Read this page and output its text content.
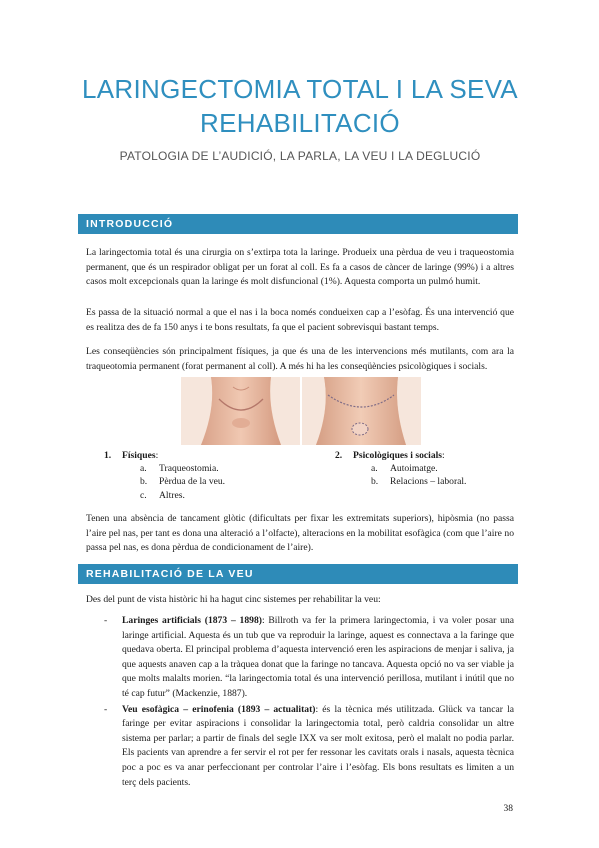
LARINGECTOMIA TOTAL I LA SEVA REHABILITACIÓ
PATOLOGIA DE L’AUDICIÓ, LA PARLA, LA VEU I LA DEGLUCIÓ
INTRODUCCIÓ

La laringectomia total és una cirurgia on s’extirpa tota la laringe. Produeix una pèrdua de veu i traqueostomia permanent, que és un respirador obligat per un forat al coll. Es fa a casos de càncer de laringe (99%) i a altres casos molt excepcionals quan la laringe és molt disfuncional (1%). Aquesta comporta un pulmó humit.

Es passa de la situació normal a que el nas i la boca només condueixen cap a l’esòfag. És una intervenció que es realitza des de fa 150 anys i te bons resultats, fa que el pacient sobrevisqui bastant temps.

Les conseqüències són principalment físiques, ja que és una de les intervencions més mutilants, com ara la traqueotomia permanent (forat permanent al coll). A més hi ha les conseqüències psicològiques i socials.

1. Físiques:
a. Traqueostomia.
b. Pèrdua de la veu.
c. Altres.
2. Psicològiques i socials:
a. Autoimatge.
b. Relacions – laboral.

Tenen una absència de tancament glòtic (dificultats per fixar les extremitats superiors), hipòsmia (no passa l’aire pel nas, per tant es dona una alteració a l’olfacte), alteracions en la mobilitat esofàgica (com que l’aire no passa pel nas, es dona pèrdua de condicionament de l’aire).

REHABILITACIÓ DE LA VEU

Des del punt de vista històric hi ha hagut cinc sistemes per rehabilitar la veu:

- Laringes artificials (1873 – 1898): Billroth va fer la primera laringectomia, i va voler posar una laringe artificial. Aquesta és un tub que va reproduir la laringe, aquest es connectava a la faringe que quedava oberta. El principal problema d’aquesta intervenció eren les aspiracions de menjar i saliva, ja que aquests anaven cap a la tràquea donat que la faringe no tancava. Aquesta opció no va ser viable ja que molts malalts morien. “la laringectomia total és una intervenció perillosa, mutilant i inútil que no té cap futur” (Mackenzie, 1887).
- Veu esofàgica – erinofenia (1893 – actualitat): és la tècnica més utilitzada. Glück va tancar la faringe per evitar aspiracions i consolidar la laringectomia total, però caldria consolidar un altre sistema per parlar; a partir de finals del segle IXX va ser molt exitosa, però el malalt no podia parlar. Els pacients van aprendre a fer servir el rot per fer ressonar les cavitats orals i nasals, aquesta tècnica poc a poc es va anar perfeccionant per controlar l’aire i l’esòfag. Els bons resultats es limiten a un terç dels pacients.
38
